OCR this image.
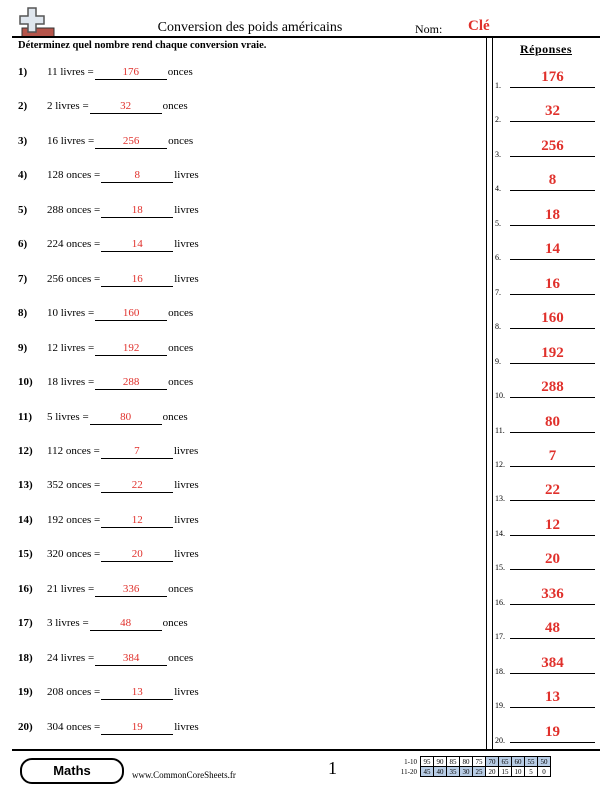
Conversion des poids américains	Nom: Clé
Déterminez quel nombre rend chaque conversion vraie.	Réponses
1) 11 livres =	176	onces
2) 2 livres =	32	onces
3) 16 livres =	256	onces
4) 128 onces =	8	livres
5) 288 onces =	18	livres
6) 224 onces =	14	livres
7) 256 onces =	16	livres
8) 10 livres =	160	onces
9) 12 livres =	192	onces
10) 18 livres =	288	onces
11) 5 livres =	80	onces
12) 112 onces =	7	livres
13) 352 onces =	22	livres
14) 192 onces =	12	livres
15) 320 onces =	20	livres
16) 21 livres =	336	onces
17) 3 livres =	48	onces
18) 24 livres =	384	onces
19) 208 onces =	13	livres
20) 304 onces =	19	livres
1.
176
2.
32
3.
256
4.
8
5.
18
6.
14
7.
16
8.
160
9.
192
10.
288
11.
80
12.
7
13.
22
14.
12
15.
20
16.
336
17.
48
18.
384
19.
13
20.
19
Maths	www.CommonCoreSheets.fr	1	1-10	95	90	85	80	75	70	65	60	55	50
11-20	45	40	35	30	25	20	15	10	5	0
